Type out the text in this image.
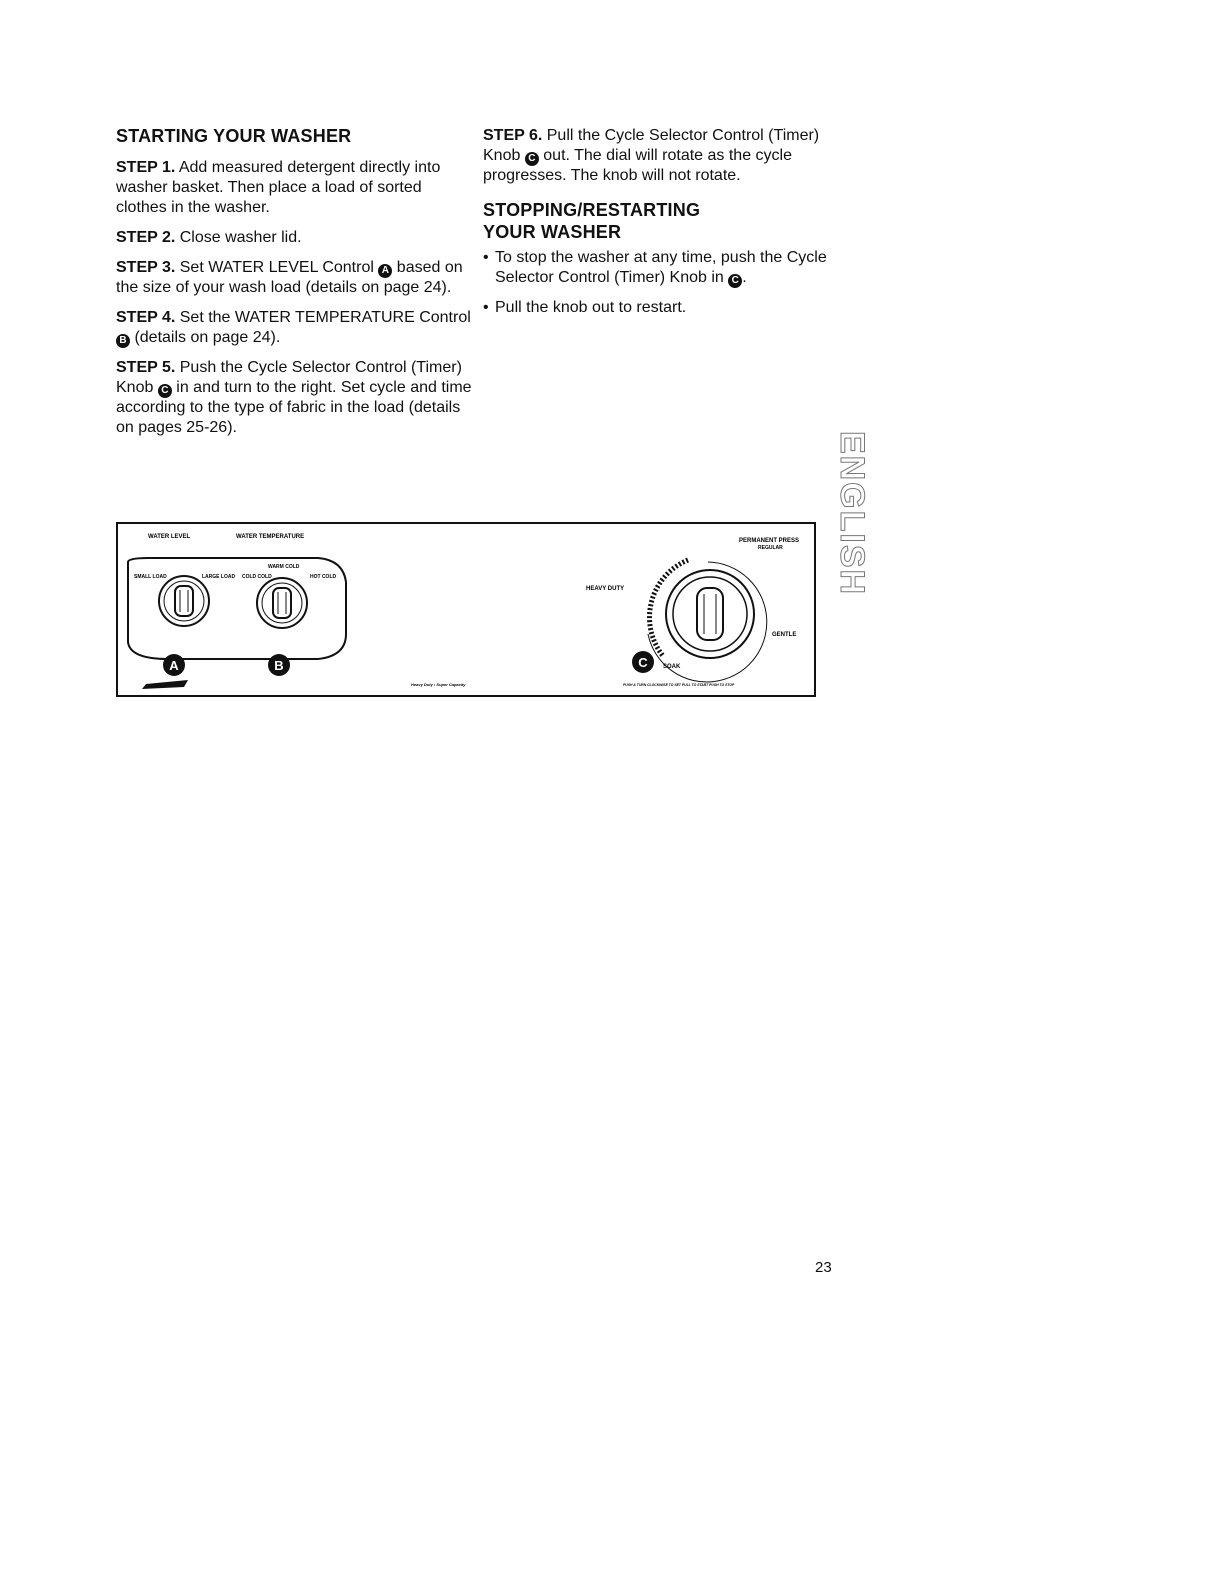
STARTING YOUR WASHER

STEP 1. Add measured detergent directly into washer basket. Then place a load of sorted clothes in the washer.

STEP 2. Close washer lid.

STEP 3. Set WATER LEVEL Control A based on the size of your wash load (details on page 24).

STEP 4. Set the WATER TEMPERATURE Control B (details on page 24).

STEP 5. Push the Cycle Selector Control (Timer) Knob C in and turn to the right. Set cycle and time according to the type of fabric in the load (details on pages 25-26).

STEP 6. Pull the Cycle Selector Control (Timer) Knob C out. The dial will rotate as the cycle progresses. The knob will not rotate.

STOPPING/RESTARTING
YOUR WASHER
• To stop the washer at any time, push the Cycle Selector Control (Timer) Knob in C .
• Pull the knob out to restart.
ENGLISH
WATER LEVEL	WATER TEMPERATURE
SMALL LOAD	LARGE LOAD
WARM COLD
COLD COLD	HOT COLD
A	B
Heavy Duty • Super Capacity
PERMANENT PRESS
REGULAR
HEAVY DUTY
GENTLE
C	SOAK
PUSH & TURN CLOCKWISE TO SET PULL TO START PUSH TO STOP
23
